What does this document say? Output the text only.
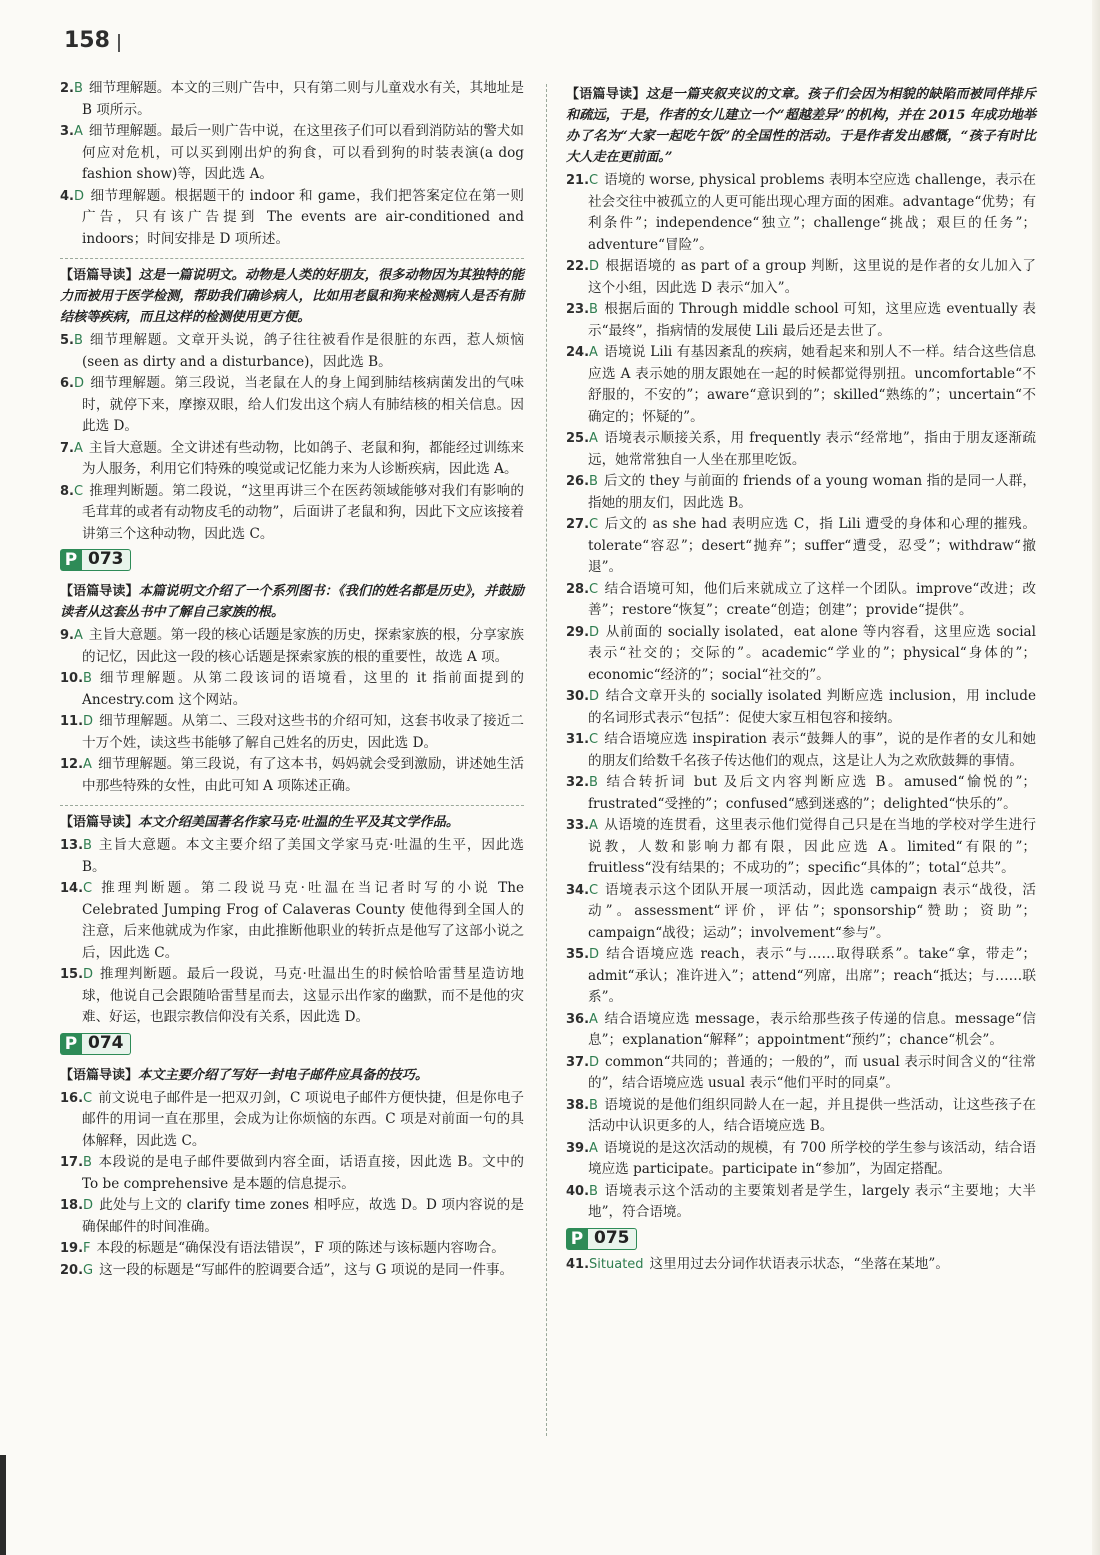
158

2.B 细节理解题。本文的三则广告中，只有第二则与儿童戏水有关，其地址是 B 项所示。

3.A 细节理解题。最后一则广告中说，在这里孩子们可以看到消防站的警犬如何应对危机，可以买到刚出炉的狗食，可以看到狗的时装表演(a dog fashion show)等，因此选 A。

4.D 细节理解题。根据题干的 indoor 和 game，我们把答案定位在第一则广告，只有该广告提到 The events are air-conditioned and indoors；时间安排是 D 项所述。

【语篇导读】这是一篇说明文。动物是人类的好朋友，很多动物因为其独特的能力而被用于医学检测，帮助我们确诊病人，比如用老鼠和狗来检测病人是否有肺结核等疾病，而且这样的检测使用更方便。

5.B 细节理解题。文章开头说，鸽子往往被看作是很脏的东西，惹人烦恼(seen as dirty and a disturbance)，因此选 B。

6.D 细节理解题。第三段说，当老鼠在人的身上闻到肺结核病菌发出的气味时，就停下来，摩擦双眼，给人们发出这个病人有肺结核的相关信息。因此选 D。

7.A 主旨大意题。全文讲述有些动物，比如鸽子、老鼠和狗，都能经过训练来为人服务，利用它们特殊的嗅觉或记忆能力来为人诊断疾病，因此选 A。

8.C 推理判断题。第二段说，“这里再讲三个在医药领域能够对我们有影响的毛茸茸的或者有动物皮毛的动物”，后面讲了老鼠和狗，因此下文应该接着讲第三个这种动物，因此选 C。

P 073

【语篇导读】本篇说明文介绍了一个系列图书：《我们的姓名都是历史》，并鼓励读者从这套丛书中了解自己家族的根。

9.A 主旨大意题。第一段的核心话题是家族的历史，探索家族的根，分享家族的记忆，因此这一段的核心话题是探索家族的根的重要性，故选 A 项。

10.B 细节理解题。从第二段该词的语境看，这里的 it 指前面提到的 Ancestry.com 这个网站。

11.D 细节理解题。从第二、三段对这些书的介绍可知，这套书收录了接近二十万个姓，读这些书能够了解自己姓名的历史，因此选 D。

12.A 细节理解题。第三段说，有了这本书，妈妈就会受到激励，讲述她生活中那些特殊的女性，由此可知 A 项陈述正确。

【语篇导读】本文介绍美国著名作家马克·吐温的生平及其文学作品。

13.B 主旨大意题。本文主要介绍了美国文学家马克·吐温的生平，因此选 B。

14.C 推理判断题。第二段说马克·吐温在当记者时写的小说 The Celebrated Jumping Frog of Calaveras County 使他得到全国人的注意，后来他就成为作家，由此推断他职业的转折点是他写了这部小说之后，因此选 C。

15.D 推理判断题。最后一段说，马克·吐温出生的时候恰哈雷彗星造访地球，他说自己会跟随哈雷彗星而去，这显示出作家的幽默，而不是他的灾难、好运，也跟宗教信仰没有关系，因此选 D。

P 074

【语篇导读】本文主要介绍了写好一封电子邮件应具备的技巧。

16.C 前文说电子邮件是一把双刃剑，C 项说电子邮件方便快捷，但是你电子邮件的用词一直在那里，会成为让你烦恼的东西。C 项是对前面一句的具体解释，因此选 C。

17.B 本段说的是电子邮件要做到内容全面，话语直接，因此选 B。文中的 To be comprehensive 是本题的信息提示。

18.D 此处与上文的 clarify time zones 相呼应，故选 D。D 项内容说的是确保邮件的时间准确。

19.F 本段的标题是“确保没有语法错误”，F 项的陈述与该标题内容吻合。

20.G 这一段的标题是“写邮件的腔调要合适”，这与 G 项说的是同一件事。

【语篇导读】这是一篇夹叙夹议的文章。孩子们会因为相貌的缺陷而被同伴排斥和疏远，于是，作者的女儿建立一个“超越差异”的机构，并在 2015 年成功地举办了名为“大家一起吃午饭”的全国性的活动。于是作者发出感慨，“孩子有时比大人走在更前面。”

21.C 语境的 worse, physical problems 表明本空应选 challenge，表示在社会交往中被孤立的人更可能出现心理方面的困难。advantage“优势；有利条件”；independence“独立”；challenge“挑战；艰巨的任务”；adventure“冒险”。

22.D 根据语境的 as part of a group 判断，这里说的是作者的女儿加入了这个小组，因此选 D 表示“加入”。

23.B 根据后面的 Through middle school 可知，这里应选 eventually 表示“最终”，指病情的发展使 Lili 最后还是去世了。

24.A 语境说 Lili 有基因紊乱的疾病，她看起来和别人不一样。结合这些信息应选 A 表示她的朋友跟她在一起的时候都觉得别扭。uncomfortable“不舒服的，不安的”；aware“意识到的”；skilled“熟练的”；uncertain“不确定的；怀疑的”。

25.A 语境表示顺接关系，用 frequently 表示“经常地”，指由于朋友逐渐疏远，她常常独自一人坐在那里吃饭。

26.B 后文的 they 与前面的 friends of a young woman 指的是同一人群，指她的朋友们，因此选 B。

27.C 后文的 as she had 表明应选 C，指 Lili 遭受的身体和心理的摧残。tolerate“容忍”；desert“抛弃”；suffer“遭受，忍受”；withdraw“撤退”。

28.C 结合语境可知，他们后来就成立了这样一个团队。improve“改进；改善”；restore“恢复”；create“创造；创建”；provide“提供”。

29.D 从前面的 socially isolated，eat alone 等内容看，这里应选 social 表示“社交的；交际的”。academic“学业的”；physical“身体的”；economic“经济的”；social“社交的”。

30.D 结合文章开头的 socially isolated 判断应选 inclusion，用 include 的名词形式表示“包括”：促使大家互相包容和接纳。

31.C 结合语境应选 inspiration 表示“鼓舞人的事”，说的是作者的女儿和她的朋友们给数千名孩子传达他们的观点，这是让人为之欢欣鼓舞的事情。

32.B 结合转折词 but 及后文内容判断应选 B。amused“愉悦的”；frustrated“受挫的”；confused“感到迷惑的”；delighted“快乐的”。

33.A 从语境的连贯看，这里表示他们觉得自己只是在当地的学校对学生进行说教，人数和影响力都有限，因此应选 A。limited“有限的”；fruitless“没有结果的；不成功的”；specific“具体的”；total“总共”。

34.C 语境表示这个团队开展一项活动，因此选 campaign 表示“战役，活动”。assessment“评价，评估”；sponsorship“赞助；资助”；campaign“战役；运动”；involvement“参与”。

35.D 结合语境应选 reach，表示“与……取得联系”。take“拿，带走”；admit“承认；准许进入”；attend“列席，出席”；reach“抵达；与……联系”。

36.A 结合语境应选 message，表示给那些孩子传递的信息。message“信息”；explanation“解释”；appointment“预约”；chance“机会”。

37.D common“共同的；普通的；一般的”，而 usual 表示时间含义的“往常的”，结合语境应选 usual 表示“他们平时的同桌”。

38.B 语境说的是他们组织同龄人在一起，并且提供一些活动，让这些孩子在活动中认识更多的人，结合语境应选 B。

39.A 语境说的是这次活动的规模，有 700 所学校的学生参与该活动，结合语境应选 participate。participate in“参加”，为固定搭配。

40.B 语境表示这个活动的主要策划者是学生，largely 表示“主要地；大半地”，符合语境。

P 075

41.Situated 这里用过去分词作状语表示状态，“坐落在某地”。
